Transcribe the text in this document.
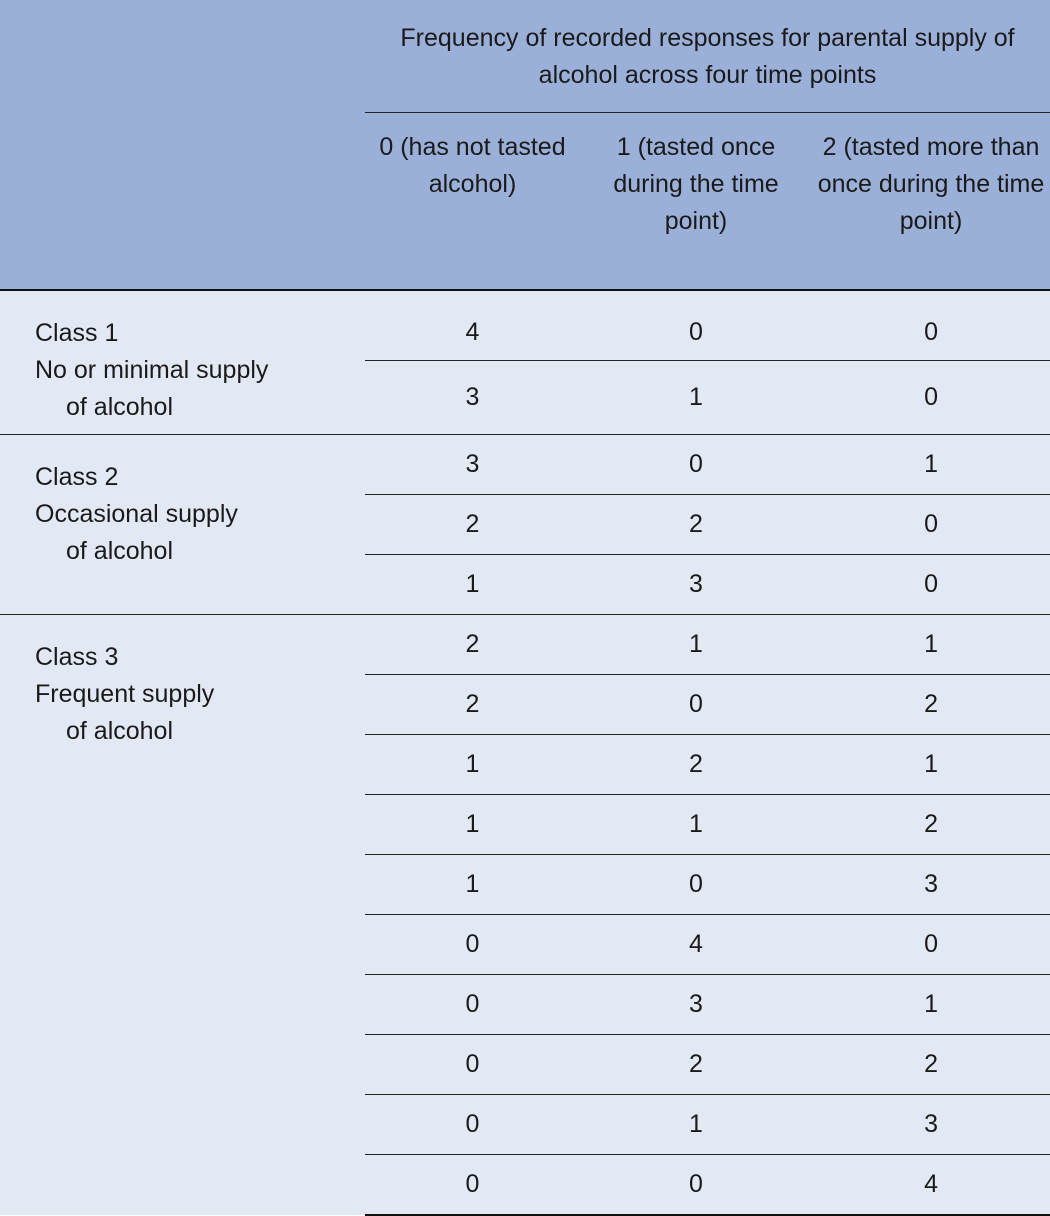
	Frequency of recorded responses for parental supply of alcohol across four time points		
	0 (has not tasted alcohol)	1 (tasted once during the time point)	2 (tasted more than once during the time point)

Class 1
No or minimal supply
of alcohol	4	0	0
	3	1	0

Class 2
Occasional supply
of alcohol	3	0	1
	2	2	0
	1	3	0

Class 3
Frequent supply
of alcohol	2	1	1
	2	0	2
	1	2	1
	1	1	2
	1	0	3
	0	4	0
	0	3	1
	0	2	2
	0	1	3
	0	0	4
